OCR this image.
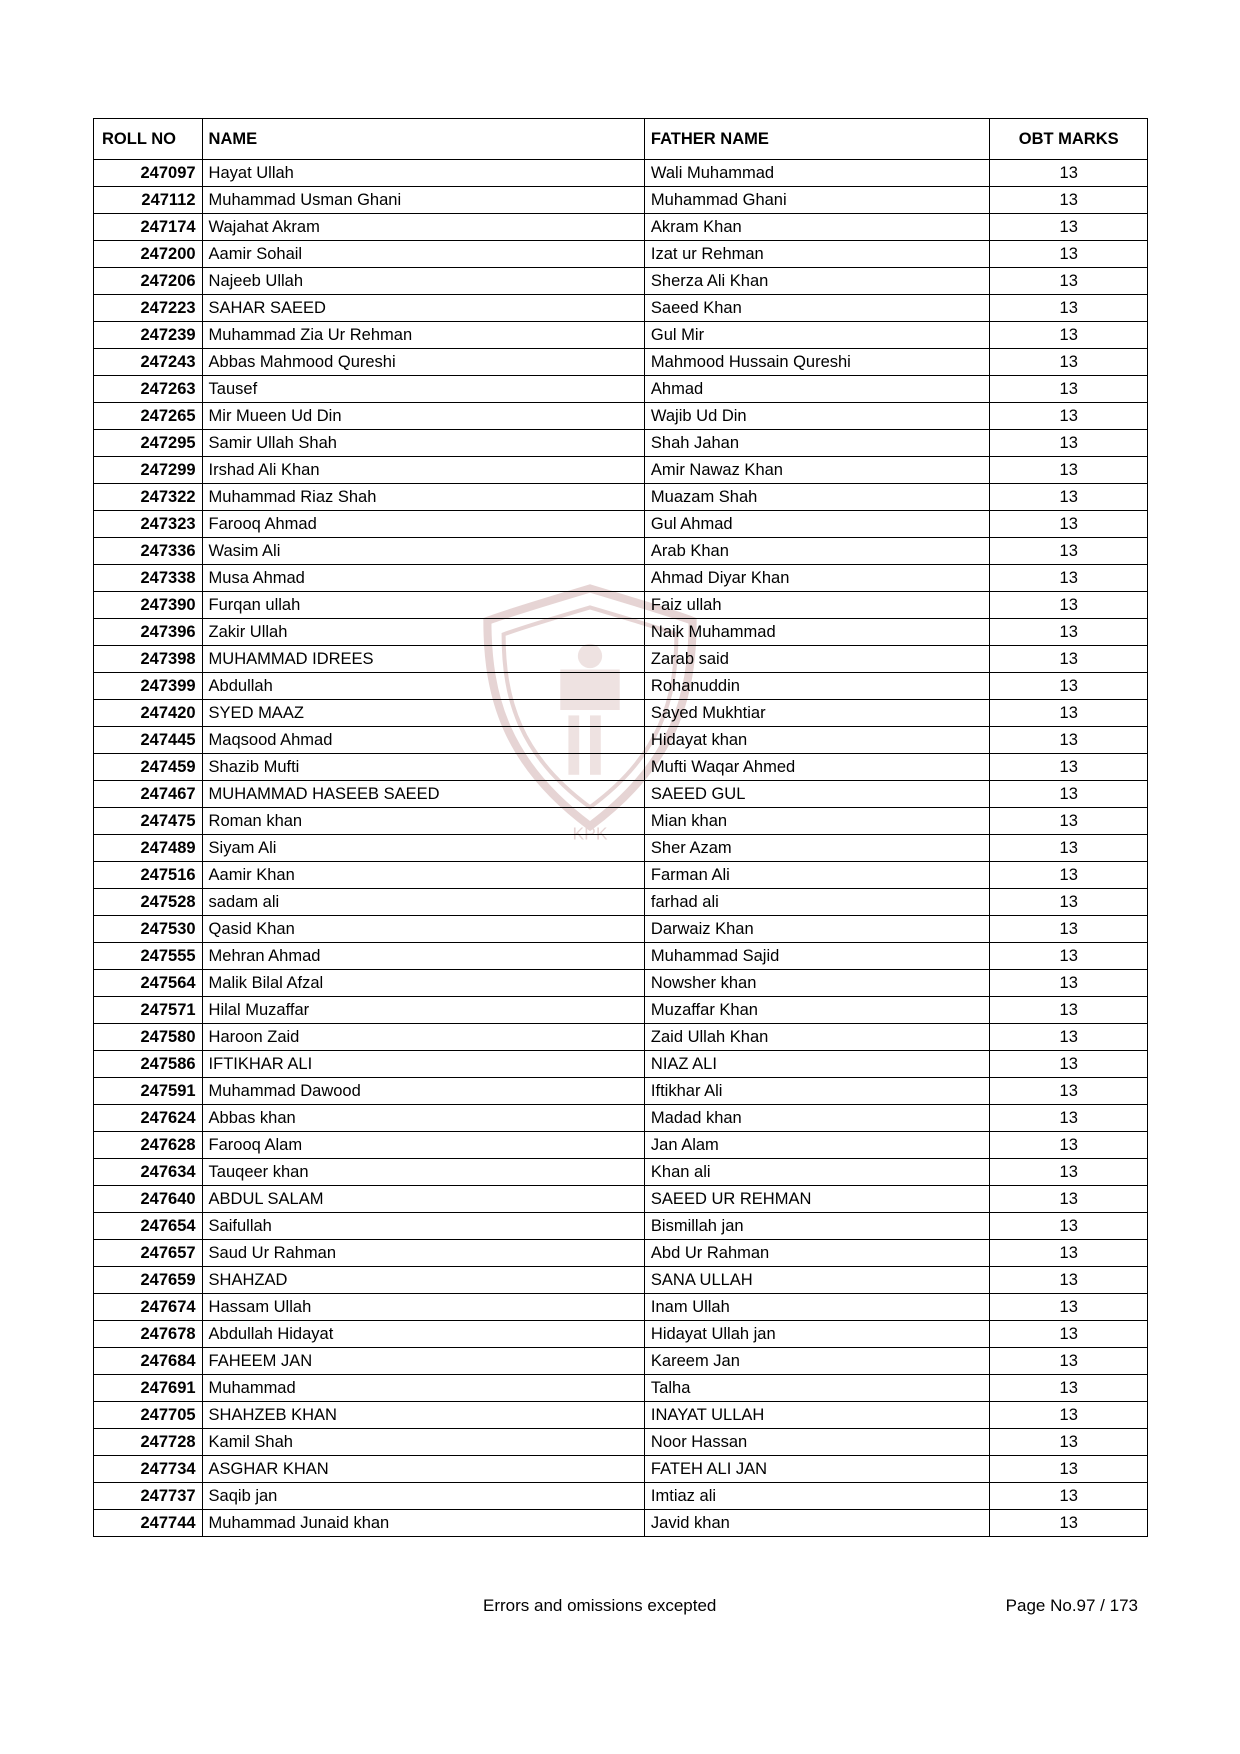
KPK
ROLL NO	NAME	FATHER NAME	OBT MARKS
247097	Hayat Ullah	Wali Muhammad	13
247112	Muhammad Usman Ghani	Muhammad Ghani	13
247174	Wajahat Akram	Akram Khan	13
247200	Aamir Sohail	Izat ur Rehman	13
247206	Najeeb Ullah	Sherza Ali Khan	13
247223	SAHAR SAEED	Saeed Khan	13
247239	Muhammad Zia Ur Rehman	Gul Mir	13
247243	Abbas Mahmood Qureshi	Mahmood Hussain Qureshi	13
247263	Tausef	Ahmad	13
247265	Mir Mueen Ud Din	Wajib Ud Din	13
247295	Samir Ullah Shah	Shah Jahan	13
247299	Irshad Ali Khan	Amir Nawaz Khan	13
247322	Muhammad Riaz Shah	Muazam Shah	13
247323	Farooq Ahmad	Gul Ahmad	13
247336	Wasim Ali	Arab Khan	13
247338	Musa Ahmad	Ahmad Diyar Khan	13
247390	Furqan ullah	Faiz ullah	13
247396	Zakir Ullah	Naik Muhammad	13
247398	MUHAMMAD IDREES	Zarab said	13
247399	Abdullah	Rohanuddin	13
247420	SYED MAAZ	Sayed Mukhtiar	13
247445	Maqsood Ahmad	Hidayat khan	13
247459	Shazib Mufti	Mufti Waqar Ahmed	13
247467	MUHAMMAD HASEEB SAEED	SAEED GUL	13
247475	Roman khan	Mian khan	13
247489	Siyam Ali	Sher Azam	13
247516	Aamir Khan	Farman Ali	13
247528	sadam ali	farhad ali	13
247530	Qasid Khan	Darwaiz Khan	13
247555	Mehran Ahmad	Muhammad Sajid	13
247564	Malik Bilal Afzal	Nowsher khan	13
247571	Hilal Muzaffar	Muzaffar Khan	13
247580	Haroon Zaid	Zaid Ullah Khan	13
247586	IFTIKHAR ALI	NIAZ ALI	13
247591	Muhammad Dawood	Iftikhar Ali	13
247624	Abbas khan	Madad khan	13
247628	Farooq Alam	Jan Alam	13
247634	Tauqeer khan	Khan ali	13
247640	ABDUL SALAM	SAEED UR REHMAN	13
247654	Saifullah	Bismillah jan	13
247657	Saud Ur Rahman	Abd Ur Rahman	13
247659	SHAHZAD	SANA ULLAH	13
247674	Hassam Ullah	Inam Ullah	13
247678	Abdullah Hidayat	Hidayat Ullah jan	13
247684	FAHEEM JAN	Kareem Jan	13
247691	Muhammad	Talha	13
247705	SHAHZEB KHAN	INAYAT ULLAH	13
247728	Kamil Shah	Noor Hassan	13
247734	ASGHAR KHAN	FATEH ALI JAN	13
247737	Saqib jan	Imtiaz ali	13
247744	Muhammad Junaid khan	Javid khan	13
Errors and omissions excepted	Page No.97 / 173
